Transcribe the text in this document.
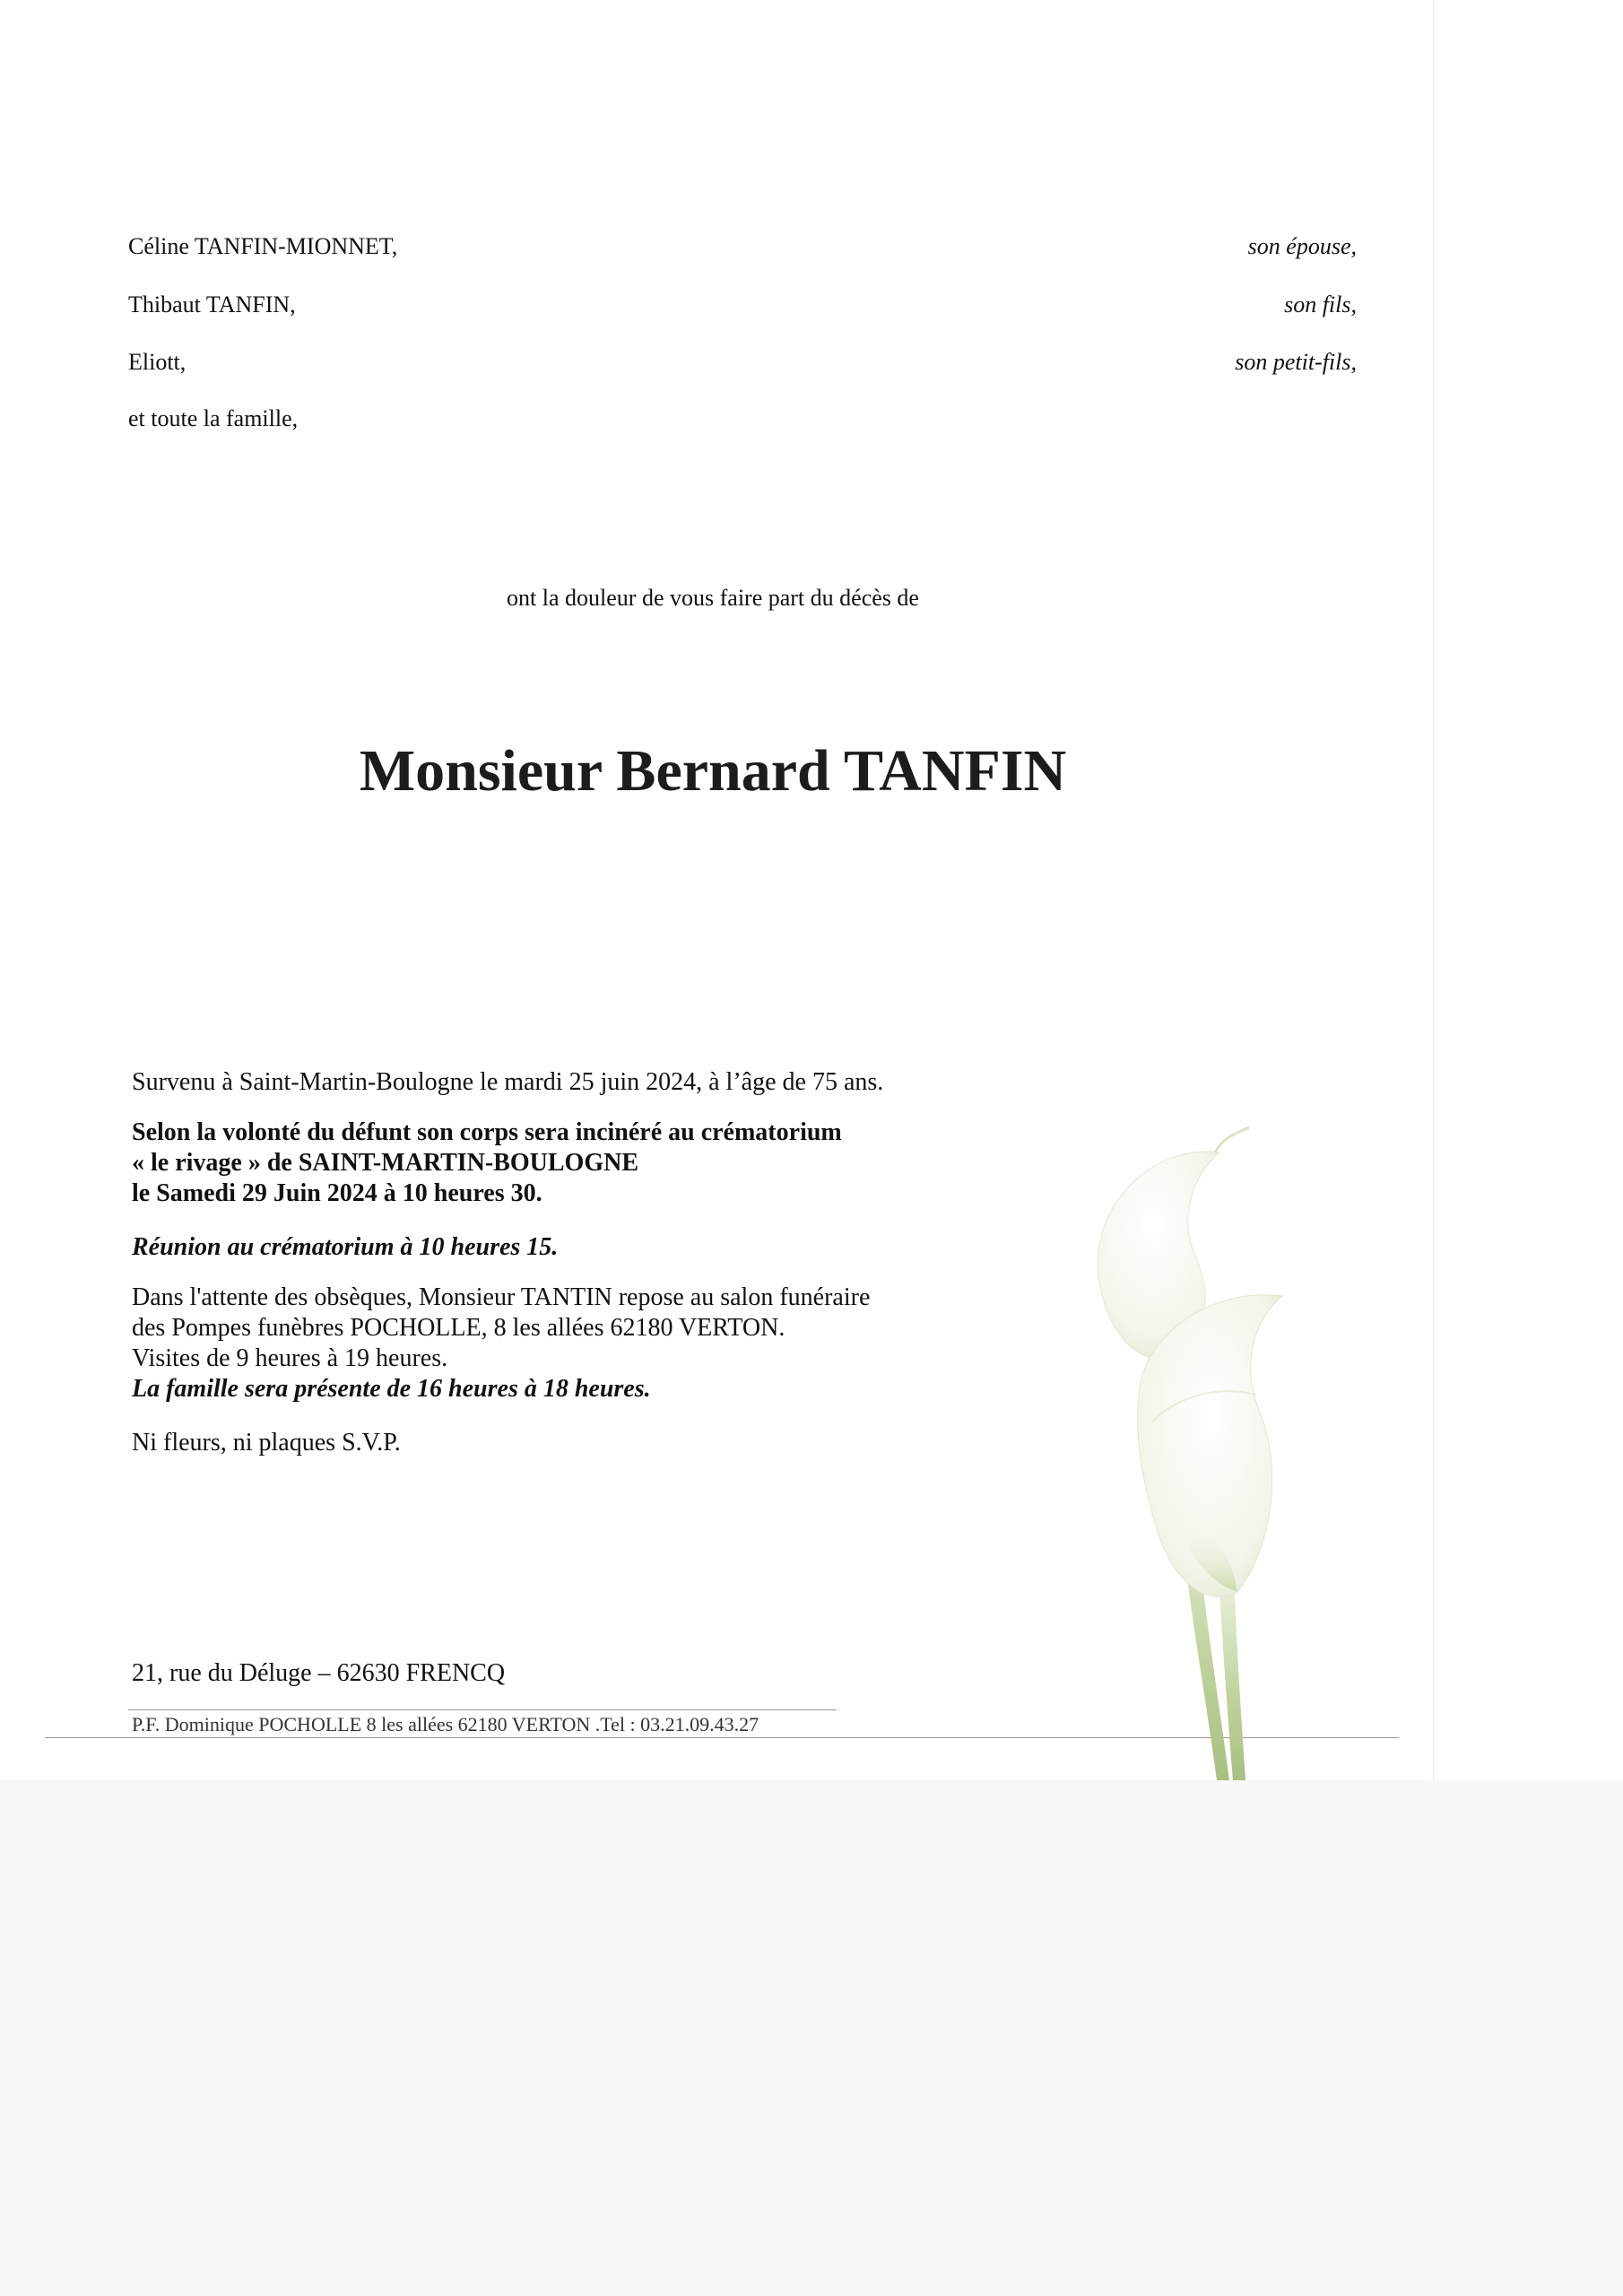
Céline TANFIN-MIONNET,	son épouse,
Thibaut TANFIN,	son fils,
Eliott,	son petit-fils,
et toute la famille,
ont la douleur de vous faire part du décès de
Monsieur Bernard TANFIN
Survenu à Saint-Martin-Boulogne le mardi 25 juin 2024, à l’âge de 75 ans.
Selon la volonté du défunt son corps sera incinéré au crématorium
« le rivage » de SAINT-MARTIN-BOULOGNE
le Samedi 29 Juin 2024 à 10 heures 30.
Réunion au crématorium à 10 heures 15.
Dans l'attente des obsèques, Monsieur TANTIN repose au salon funéraire
des Pompes funèbres POCHOLLE, 8 les allées 62180 VERTON.
Visites de 9 heures à 19 heures.
La famille sera présente de 16 heures à 18 heures.
Ni fleurs, ni plaques S.V.P.
21, rue du Déluge – 62630 FRENCQ
P.F. Dominique POCHOLLE 8 les allées 62180 VERTON .Tel : 03.21.09.43.27
